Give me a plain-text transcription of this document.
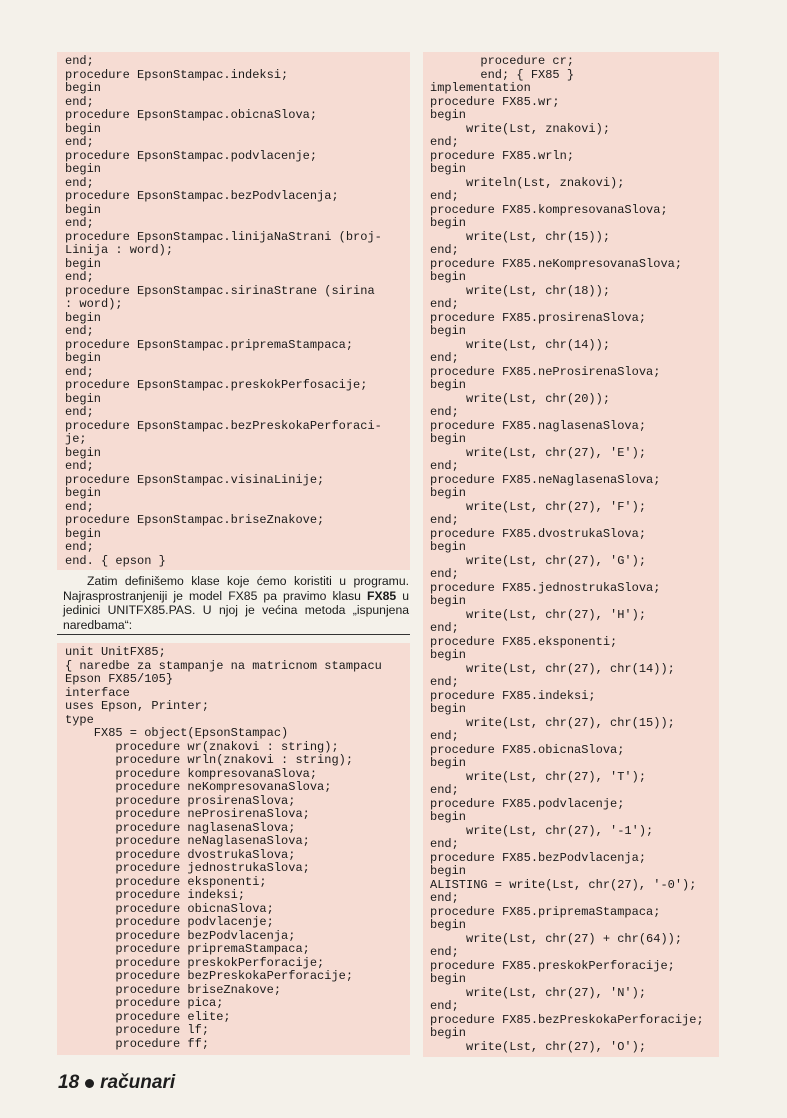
end;
procedure EpsonStampac.indeksi;
begin
end;
procedure EpsonStampac.obicnaSlova;
begin
end;
procedure EpsonStampac.podvlacenje;
begin
end;
procedure EpsonStampac.bezPodvlacenja;
begin
end;
procedure EpsonStampac.linijaNaStrani (broj-
Linija : word);
begin
end;
procedure EpsonStampac.sirinaStrane (sirina
: word);
begin
end;
procedure EpsonStampac.pripremaStampaca;
begin
end;
procedure EpsonStampac.preskokPerfosacije;
begin
end;
procedure EpsonStampac.bezPreskokaPerforaci-
je;
begin
end;
procedure EpsonStampac.visinaLinije;
begin
end;
procedure EpsonStampac.briseZnakove;
begin
end;
end. { epson }

Zatim definišemo klase koje ćemo koristiti u programu. Najrasprostranjeniji je model FX85 pa pravimo klasu FX85 u jedinici UNITFX85.PAS. U njoj je većina metoda „ispunjena naredbama“:

unit UnitFX85;
{ naredbe za stampanje na matricnom stampacu
Epson FX85/105}
interface
uses Epson, Printer;
type
FX85 = object(EpsonStampac)
procedure wr(znakovi : string);
procedure wrln(znakovi : string);
procedure kompresovanaSlova;
procedure neKompresovanaSlova;
procedure prosirenaSlova;
procedure neProsirenaSlova;
procedure naglasenaSlova;
procedure neNaglasenaSlova;
procedure dvostrukaSlova;
procedure jednostrukaSlova;
procedure eksponenti;
procedure indeksi;
procedure obicnaSlova;
procedure podvlacenje;
procedure bezPodvlacenja;
procedure pripremaStampaca;
procedure preskokPerforacije;
procedure bezPreskokaPerforacije;
procedure briseZnakove;
procedure pica;
procedure elite;
procedure lf;
procedure ff;
procedure cr;
end; { FX85 }
implementation
procedure FX85.wr;
begin
write(Lst, znakovi);
end;
procedure FX85.wrln;
begin
writeln(Lst, znakovi);
end;
procedure FX85.kompresovanaSlova;
begin
write(Lst, chr(15));
end;
procedure FX85.neKompresovanaSlova;
begin
write(Lst, chr(18));
end;
procedure FX85.prosirenaSlova;
begin
write(Lst, chr(14));
end;
procedure FX85.neProsirenaSlova;
begin
write(Lst, chr(20));
end;
procedure FX85.naglasenaSlova;
begin
write(Lst, chr(27), 'E');
end;
procedure FX85.neNaglasenaSlova;
begin
write(Lst, chr(27), 'F');
end;
procedure FX85.dvostrukaSlova;
begin
write(Lst, chr(27), 'G');
end;
procedure FX85.jednostrukaSlova;
begin
write(Lst, chr(27), 'H');
end;
procedure FX85.eksponenti;
begin
write(Lst, chr(27), chr(14));
end;
procedure FX85.indeksi;
begin
write(Lst, chr(27), chr(15));
end;
procedure FX85.obicnaSlova;
begin
write(Lst, chr(27), 'T');
end;
procedure FX85.podvlacenje;
begin
write(Lst, chr(27), '-1');
end;
procedure FX85.bezPodvlacenja;
begin
ALISTING = write(Lst, chr(27), '-0');
end;
procedure FX85.pripremaStampaca;
begin
write(Lst, chr(27) + chr(64));
end;
procedure FX85.preskokPerforacije;
begin
write(Lst, chr(27), 'N');
end;
procedure FX85.bezPreskokaPerforacije;
begin
write(Lst, chr(27), 'O');
18 računari
